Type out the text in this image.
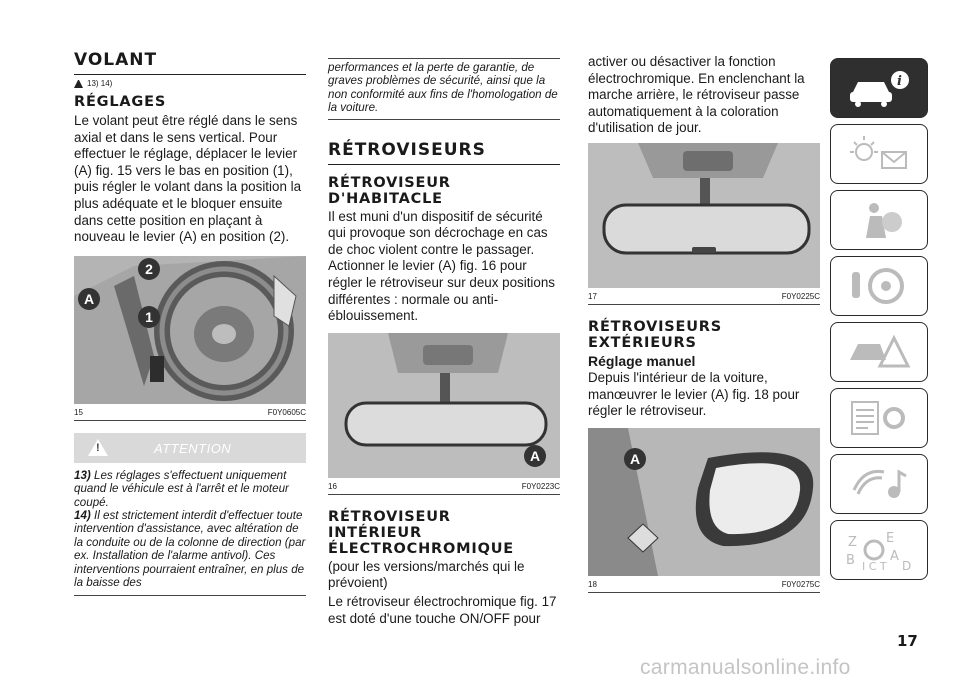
VOLANT
13) 14)
RÉGLAGES

Le volant peut être réglé dans le sens axial et dans le sens vertical. Pour effectuer le réglage, déplacer le levier (A) fig. 15 vers le bas en position (1), puis régler le volant dans la position la plus adéquate et le bloquer ensuite dans cette position en plaçant à nouveau le levier (A) en position (2).

A
2
1
15	F0Y0605C
!
ATTENTION
13) Les réglages s'effectuent uniquement quand le véhicule est à l'arrêt et le moteur coupé.
14) Il est strictement interdit d'effectuer toute intervention d'assistance, avec altération de la conduite ou de la colonne de direction (par ex. Installation de l'alarme antivol). Ces interventions pourraient entraîner, en plus de la baisse des
performances et la perte de garantie, de graves problèmes de sécurité, ainsi que la non conformité aux fins de l'homologation de la voiture.
RÉTROVISEURS
RÉTROVISEUR
D'HABITACLE

Il est muni d'un dispositif de sécurité qui provoque son décrochage en cas de choc violent contre le passager. Actionner le levier (A) fig. 16 pour régler le rétroviseur sur deux positions différentes : normale ou anti-éblouissement.

A
16	F0Y0223C
RÉTROVISEUR
INTÉRIEUR
ÉLECTROCHROMIQUE

(pour les versions/marchés qui le prévoient)

Le rétroviseur électrochromique fig. 17 est doté d'une touche ON/OFF pour

activer ou désactiver la fonction électrochromique. En enclenchant la marche arrière, le rétroviseur passe automatiquement à la coloration d'utilisation de jour.

17	F0Y0225C
RÉTROVISEURS
EXTÉRIEURS
Réglage manuel

Depuis l'intérieur de la voiture, manœuvrer le levier (A) fig. 18 pour régler le rétroviseur.

A
18	F0Y0275C
i
Z E
B	A
I C T D
17
carmanualsonline.info
